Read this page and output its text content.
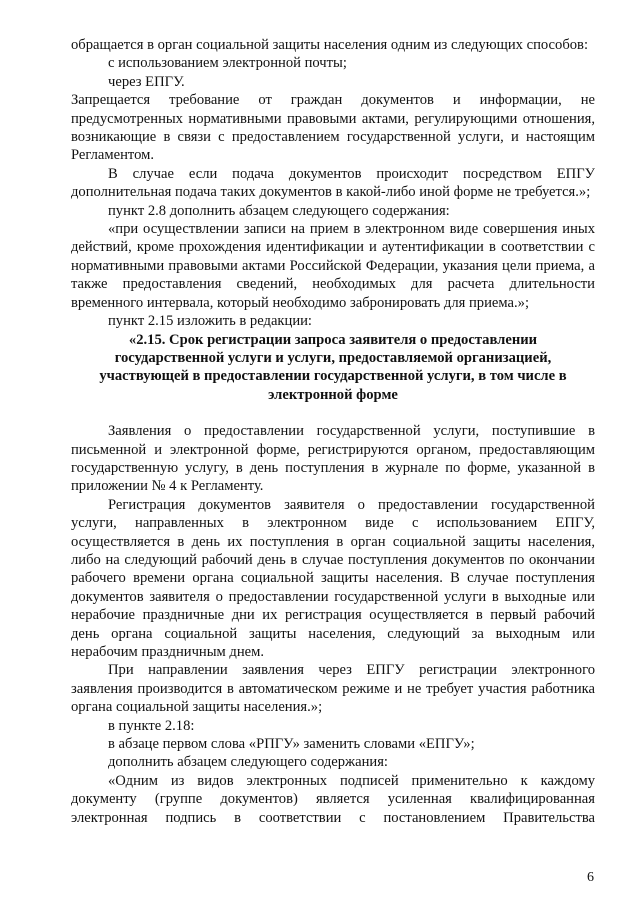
обращается в орган социальной защиты населения одним из следующих способов:

с использованием электронной почты;

через ЕПГУ.

Запрещается требование от граждан документов и информации, не предусмотренных нормативными правовыми актами, регулирующими отношения, возникающие в связи с предоставлением государственной услуги, и настоящим Регламентом.

В случае если подача документов происходит посредством ЕПГУ дополнительная подача таких документов в какой-либо иной форме не требуется.»;

пункт 2.8 дополнить абзацем следующего содержания:

«при осуществлении записи на прием в электронном виде совершения иных действий, кроме прохождения идентификации и аутентификации в соответствии с нормативными правовыми актами Российской Федерации, указания цели приема, а также предоставления сведений, необходимых для расчета длительности временного интервала, который необходимо забронировать для приема.»;

пункт 2.15 изложить в редакции:

«2.15. Срок регистрации запроса заявителя о предоставлении государственной услуги и услуги, предоставляемой организацией, участвующей в предоставлении государственной услуги, в том числе в электронной форме

Заявления о предоставлении государственной услуги, поступившие в письменной и электронной форме, регистрируются органом, предоставляющим государственную услугу, в день поступления в журнале по форме, указанной в приложении № 4 к Регламенту.

Регистрация документов заявителя о предоставлении государственной услуги, направленных в электронном виде с использованием ЕПГУ, осуществляется в день их поступления в орган социальной защиты населения, либо на следующий рабочий день в случае поступления документов по окончании рабочего времени органа социальной защиты населения. В случае поступления документов заявителя о предоставлении государственной услуги в выходные или нерабочие праздничные дни их регистрация осуществляется в первый рабочий день органа социальной защиты населения, следующий за выходным или нерабочим праздничным днем.

При направлении заявления через ЕПГУ регистрации электронного заявления производится в автоматическом режиме и не требует участия работника органа социальной защиты населения.»;

в пункте 2.18:

в абзаце первом слова «РПГУ» заменить словами «ЕПГУ»;

дополнить абзацем следующего содержания:

«Одним из видов электронных подписей применительно к каждому документу (группе документов) является усиленная квалифицированная электронная подпись в соответствии с постановлением Правительства

6
